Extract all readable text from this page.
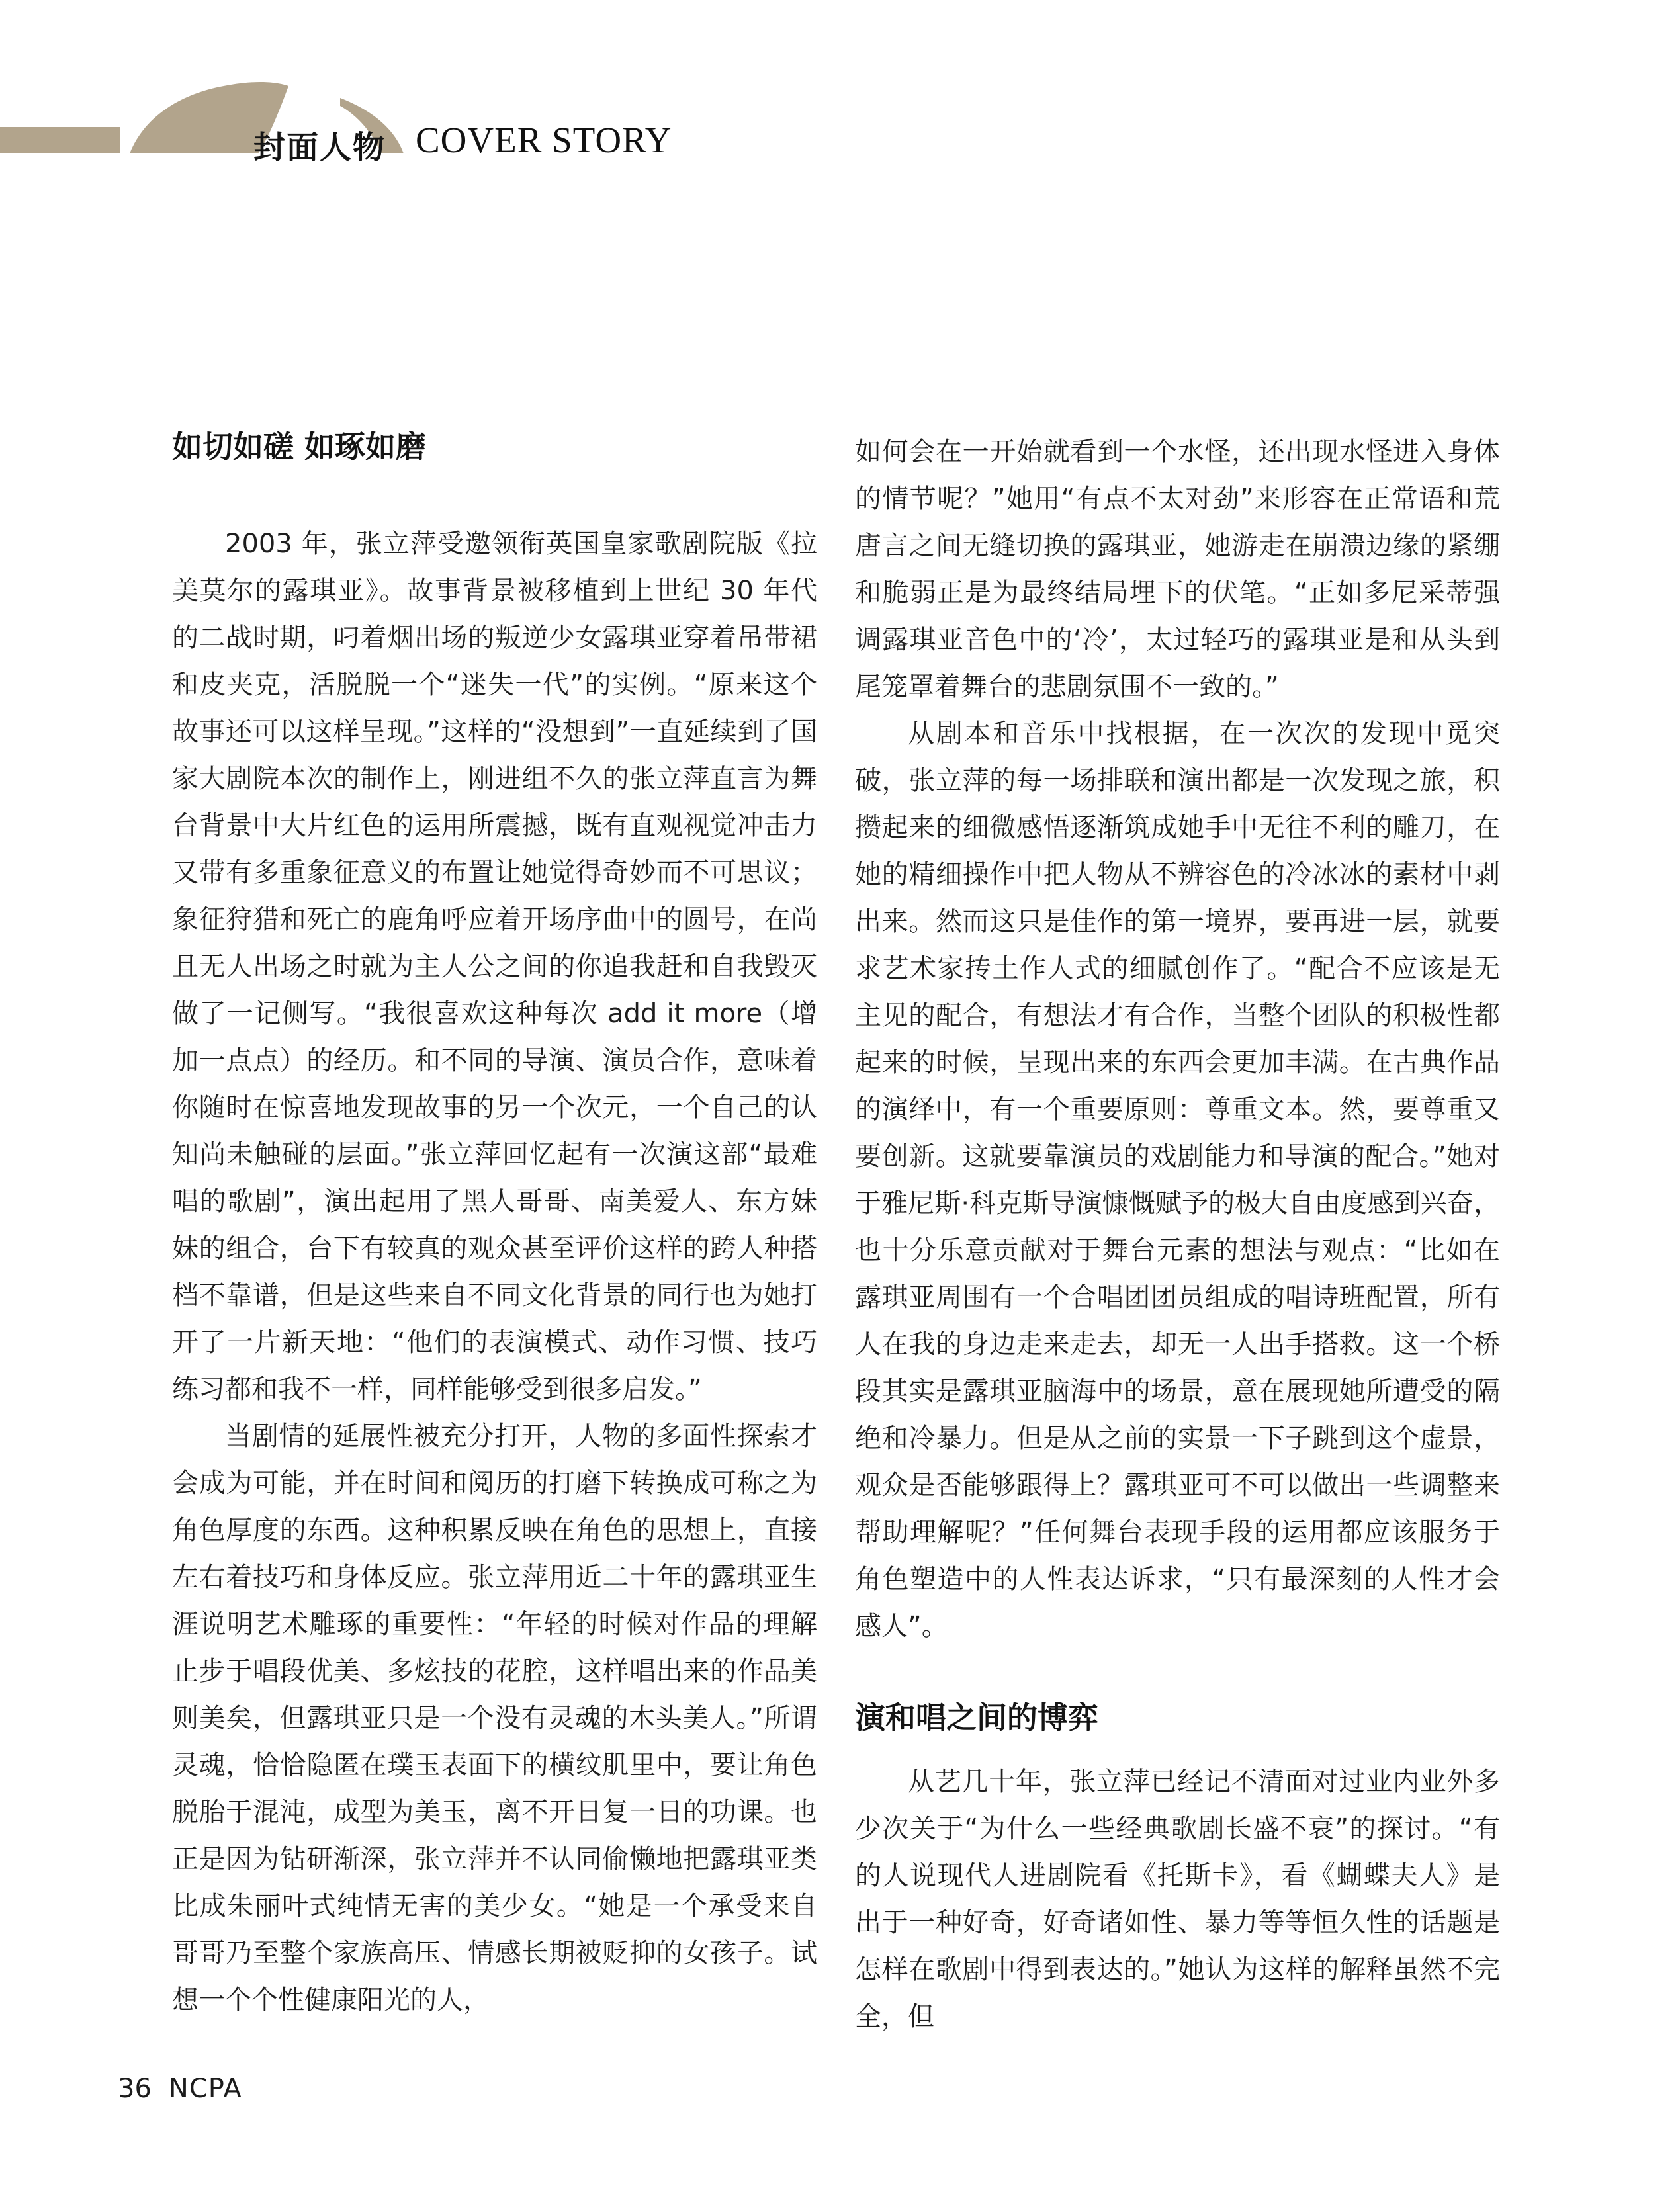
封面人物 COVER STORY
如切如磋 如琢如磨

2003 年，张立萍受邀领衔英国皇家歌剧院版《拉美莫尔的露琪亚》。故事背景被移植到上世纪 30 年代的二战时期，叼着烟出场的叛逆少女露琪亚穿着吊带裙和皮夹克，活脱脱一个“迷失一代”的实例。“原来这个故事还可以这样呈现。”这样的“没想到”一直延续到了国家大剧院本次的制作上，刚进组不久的张立萍直言为舞台背景中大片红色的运用所震撼，既有直观视觉冲击力又带有多重象征意义的布置让她觉得奇妙而不可思议；象征狩猎和死亡的鹿角呼应着开场序曲中的圆号，在尚且无人出场之时就为主人公之间的你追我赶和自我毁灭做了一记侧写。“我很喜欢这种每次 add it more（增加一点点）的经历。和不同的导演、演员合作，意味着你随时在惊喜地发现故事的另一个次元，一个自己的认知尚未触碰的层面。”张立萍回忆起有一次演这部“最难唱的歌剧”，演出起用了黑人哥哥、南美爱人、东方妹妹的组合，台下有较真的观众甚至评价这样的跨人种搭档不靠谱，但是这些来自不同文化背景的同行也为她打开了一片新天地：“他们的表演模式、动作习惯、技巧练习都和我不一样，同样能够受到很多启发。”

当剧情的延展性被充分打开，人物的多面性探索才会成为可能，并在时间和阅历的打磨下转换成可称之为角色厚度的东西。这种积累反映在角色的思想上，直接左右着技巧和身体反应。张立萍用近二十年的露琪亚生涯说明艺术雕琢的重要性：“年轻的时候对作品的理解止步于唱段优美、多炫技的花腔，这样唱出来的作品美则美矣，但露琪亚只是一个没有灵魂的木头美人。”所谓灵魂，恰恰隐匿在璞玉表面下的横纹肌里中，要让角色脱胎于混沌，成型为美玉，离不开日复一日的功课。也正是因为钻研渐深，张立萍并不认同偷懒地把露琪亚类比成朱丽叶式纯情无害的美少女。“她是一个承受来自哥哥乃至整个家族高压、情感长期被贬抑的女孩子。试想一个个性健康阳光的人，

如何会在一开始就看到一个水怪，还出现水怪进入身体的情节呢？”她用“有点不太对劲”来形容在正常语和荒唐言之间无缝切换的露琪亚，她游走在崩溃边缘的紧绷和脆弱正是为最终结局埋下的伏笔。“正如多尼采蒂强调露琪亚音色中的‘冷’，太过轻巧的露琪亚是和从头到尾笼罩着舞台的悲剧氛围不一致的。”

从剧本和音乐中找根据，在一次次的发现中觅突破，张立萍的每一场排联和演出都是一次发现之旅，积攒起来的细微感悟逐渐筑成她手中无往不利的雕刀，在她的精细操作中把人物从不辨容色的冷冰冰的素材中剥出来。然而这只是佳作的第一境界，要再进一层，就要求艺术家抟土作人式的细腻创作了。“配合不应该是无主见的配合，有想法才有合作，当整个团队的积极性都起来的时候，呈现出来的东西会更加丰满。在古典作品的演绎中，有一个重要原则：尊重文本。然，要尊重又要创新。这就要靠演员的戏剧能力和导演的配合。”她对于雅尼斯·科克斯导演慷慨赋予的极大自由度感到兴奋，也十分乐意贡献对于舞台元素的想法与观点：“比如在露琪亚周围有一个合唱团团员组成的唱诗班配置，所有人在我的身边走来走去，却无一人出手搭救。这一个桥段其实是露琪亚脑海中的场景，意在展现她所遭受的隔绝和冷暴力。但是从之前的实景一下子跳到这个虚景，观众是否能够跟得上？露琪亚可不可以做出一些调整来帮助理解呢？”任何舞台表现手段的运用都应该服务于角色塑造中的人性表达诉求，“只有最深刻的人性才会感人”。

演和唱之间的博弈

从艺几十年，张立萍已经记不清面对过业内业外多少次关于“为什么一些经典歌剧长盛不衰”的探讨。“有的人说现代人进剧院看《托斯卡》，看《蝴蝶夫人》是出于一种好奇，好奇诸如性、暴力等等恒久性的话题是怎样在歌剧中得到表达的。”她认为这样的解释虽然不完全，但

36 NCPA
